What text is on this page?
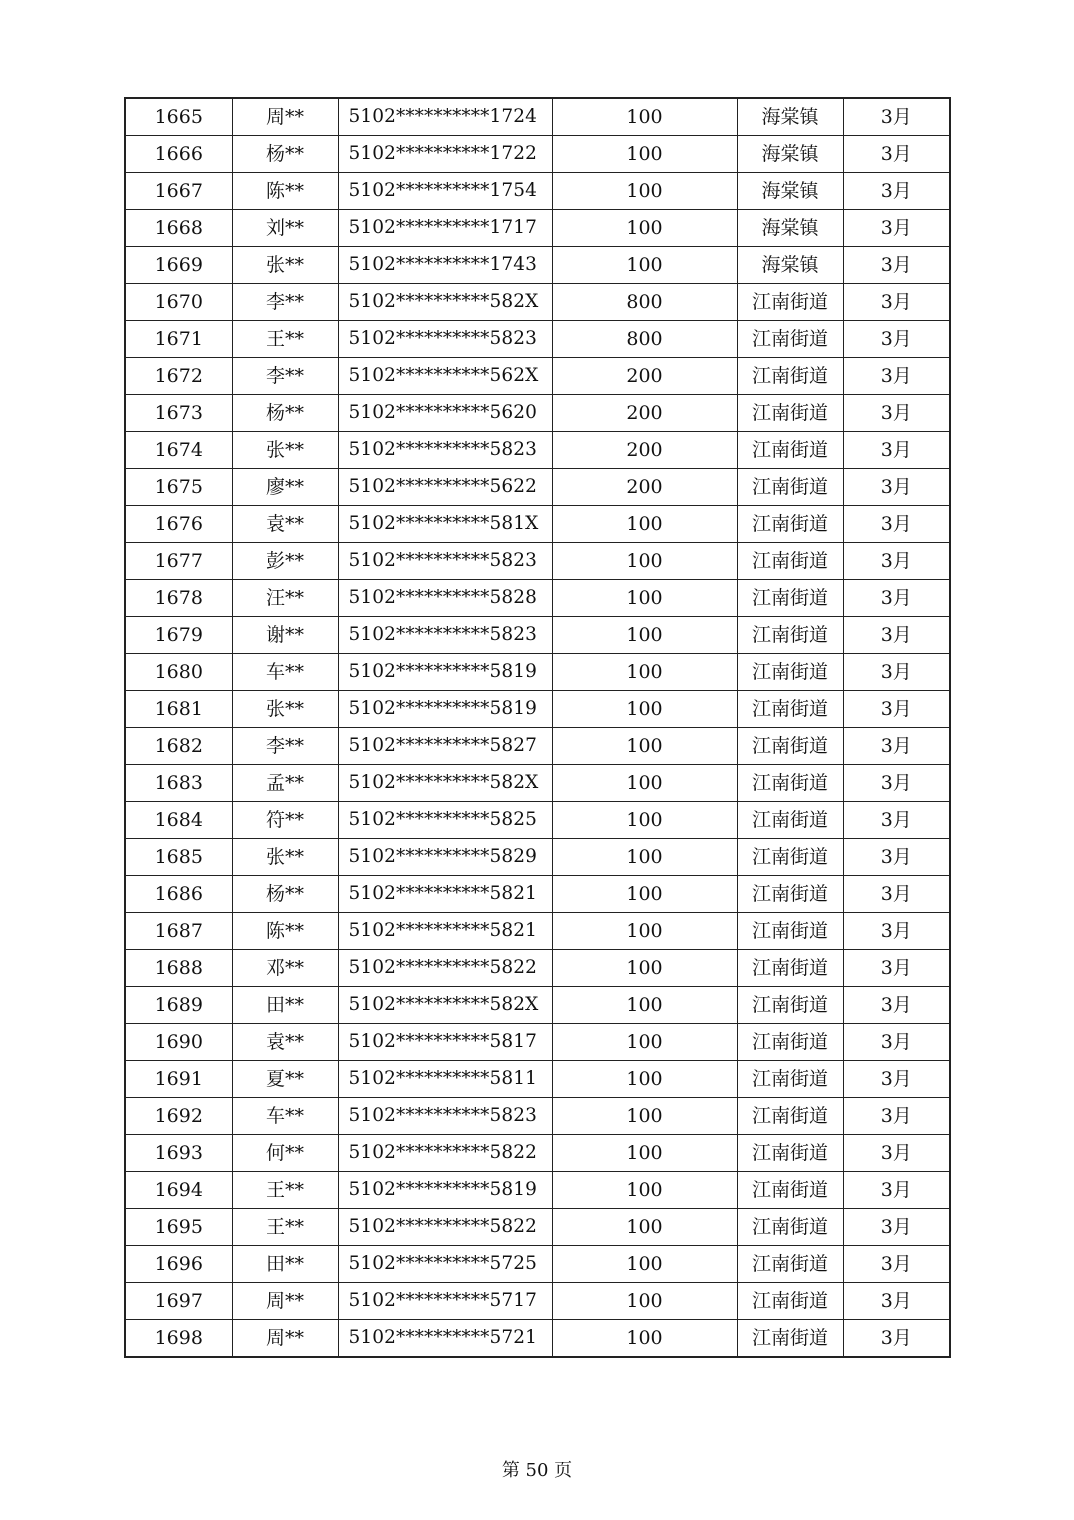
1665	周**	5102**********1724	100	海棠镇	3月
1666	杨**	5102**********1722	100	海棠镇	3月
1667	陈**	5102**********1754	100	海棠镇	3月
1668	刘**	5102**********1717	100	海棠镇	3月
1669	张**	5102**********1743	100	海棠镇	3月
1670	李**	5102**********582X	800	江南街道	3月
1671	王**	5102**********5823	800	江南街道	3月
1672	李**	5102**********562X	200	江南街道	3月
1673	杨**	5102**********5620	200	江南街道	3月
1674	张**	5102**********5823	200	江南街道	3月
1675	廖**	5102**********5622	200	江南街道	3月
1676	袁**	5102**********581X	100	江南街道	3月
1677	彭**	5102**********5823	100	江南街道	3月
1678	汪**	5102**********5828	100	江南街道	3月
1679	谢**	5102**********5823	100	江南街道	3月
1680	车**	5102**********5819	100	江南街道	3月
1681	张**	5102**********5819	100	江南街道	3月
1682	李**	5102**********5827	100	江南街道	3月
1683	孟**	5102**********582X	100	江南街道	3月
1684	符**	5102**********5825	100	江南街道	3月
1685	张**	5102**********5829	100	江南街道	3月
1686	杨**	5102**********5821	100	江南街道	3月
1687	陈**	5102**********5821	100	江南街道	3月
1688	邓**	5102**********5822	100	江南街道	3月
1689	田**	5102**********582X	100	江南街道	3月
1690	袁**	5102**********5817	100	江南街道	3月
1691	夏**	5102**********5811	100	江南街道	3月
1692	车**	5102**********5823	100	江南街道	3月
1693	何**	5102**********5822	100	江南街道	3月
1694	王**	5102**********5819	100	江南街道	3月
1695	王**	5102**********5822	100	江南街道	3月
1696	田**	5102**********5725	100	江南街道	3月
1697	周**	5102**********5717	100	江南街道	3月
1698	周**	5102**********5721	100	江南街道	3月
第 50 页
